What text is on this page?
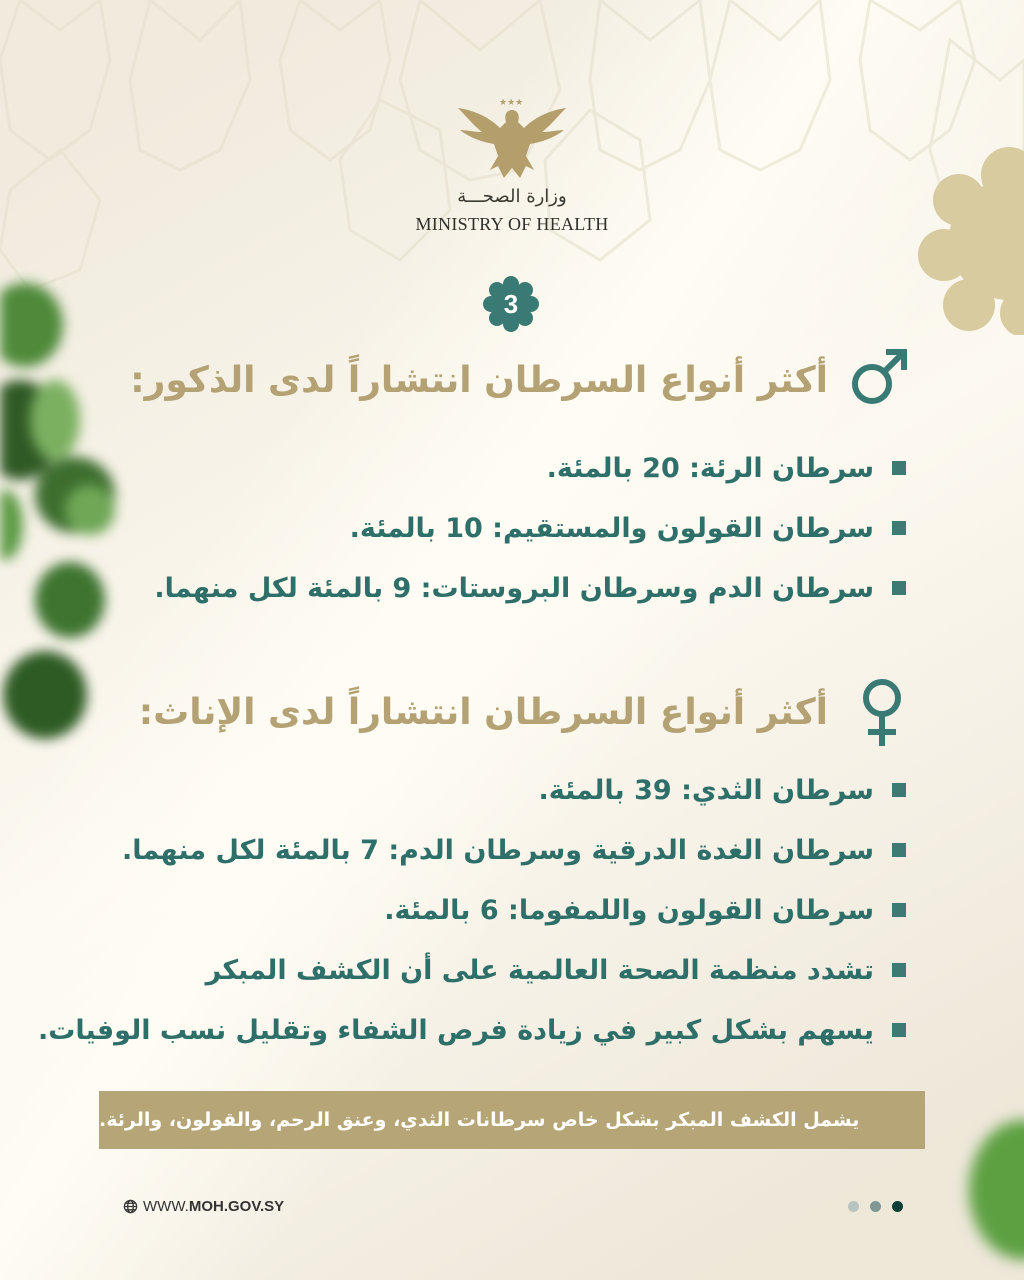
★★★
وزارة الصحـــة
MINISTRY OF HEALTH
3
أكثر أنواع السرطان انتشاراً لدى الذكور:
سرطان الرئة: 20 بالمئة.
سرطان القولون والمستقيم: 10 بالمئة.
سرطان الدم وسرطان البروستات: 9 بالمئة لكل منهما.
أكثر أنواع السرطان انتشاراً لدى الإناث:
سرطان الثدي: 39 بالمئة.
سرطان الغدة الدرقية وسرطان الدم: 7 بالمئة لكل منهما.
سرطان القولون واللمفوما: 6 بالمئة.
تشدد منظمة الصحة العالمية على أن الكشف المبكر
يسهم بشكل كبير في زيادة فرص الشفاء وتقليل نسب الوفيات.
يشمل الكشف المبكر بشكل خاص سرطانات الثدي، وعنق الرحم، والقولون، والرئة.
WWW. MOH.GOV.SY
